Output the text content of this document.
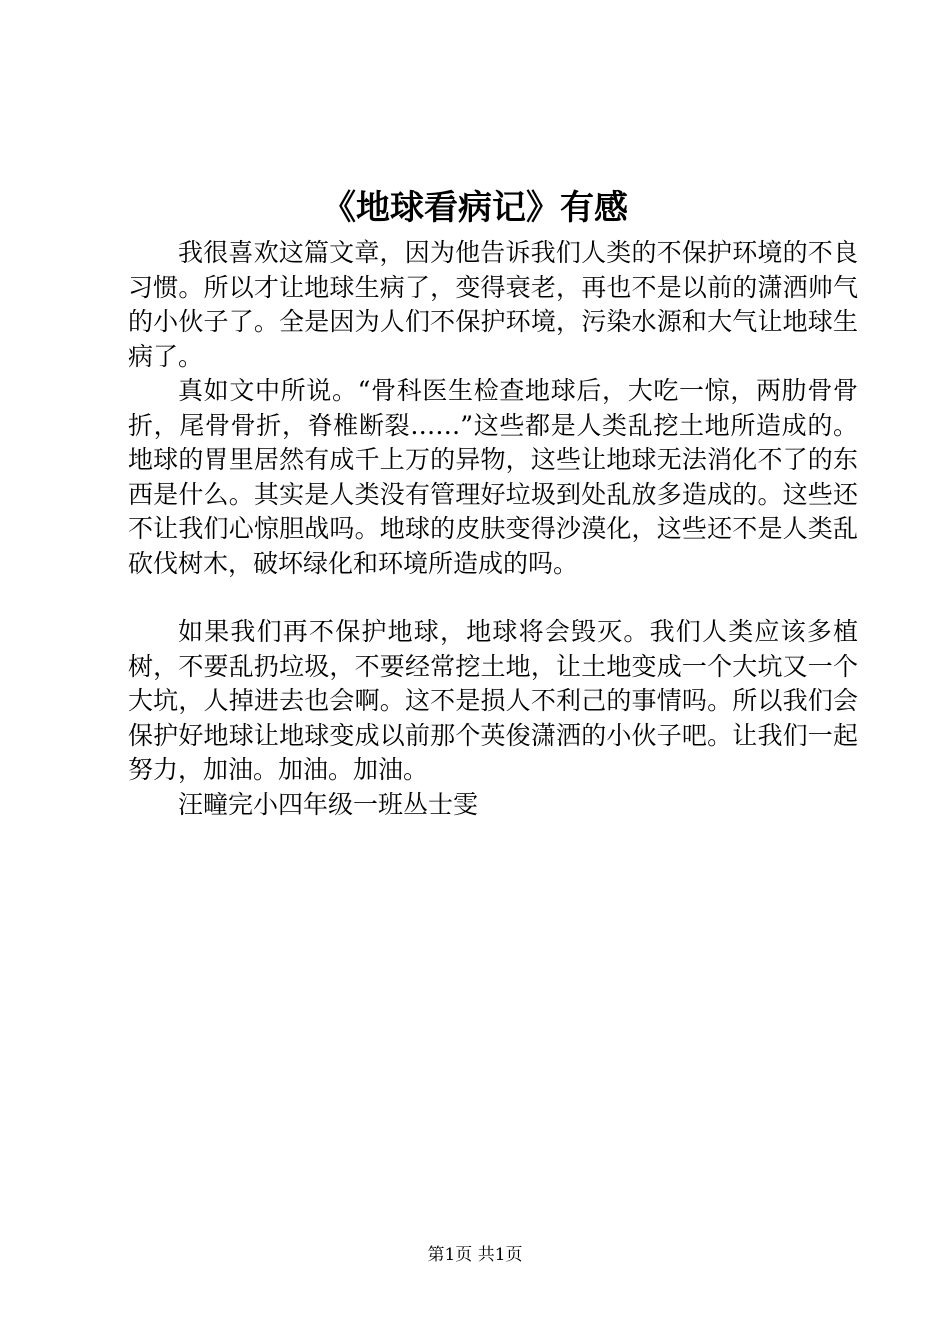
《地球看病记》有感

我很喜欢这篇文章，因为他告诉我们人类的不保护环境的不良习惯。所以才让地球生病了，变得衰老，再也不是以前的潇洒帅气的小伙子了。全是因为人们不保护环境，污染水源和大气让地球生病了。

真如文中所说。“骨科医生检查地球后，大吃一惊，两肋骨骨折，尾骨骨折，脊椎断裂……”这些都是人类乱挖土地所造成的。地球的胃里居然有成千上万的异物，这些让地球无法消化不了的东西是什么。其实是人类没有管理好垃圾到处乱放多造成的。这些还不让我们心惊胆战吗。地球的皮肤变得沙漠化，这些还不是人类乱砍伐树木，破坏绿化和环境所造成的吗。

如果我们再不保护地球，地球将会毁灭。我们人类应该多植树，不要乱扔垃圾，不要经常挖土地，让土地变成一个大坑又一个大坑，人掉进去也会啊。这不是损人不利己的事情吗。所以我们会保护好地球让地球变成以前那个英俊潇洒的小伙子吧。让我们一起努力，加油。加油。加油。

汪疃完小四年级一班丛士雯

第1页 共1页
